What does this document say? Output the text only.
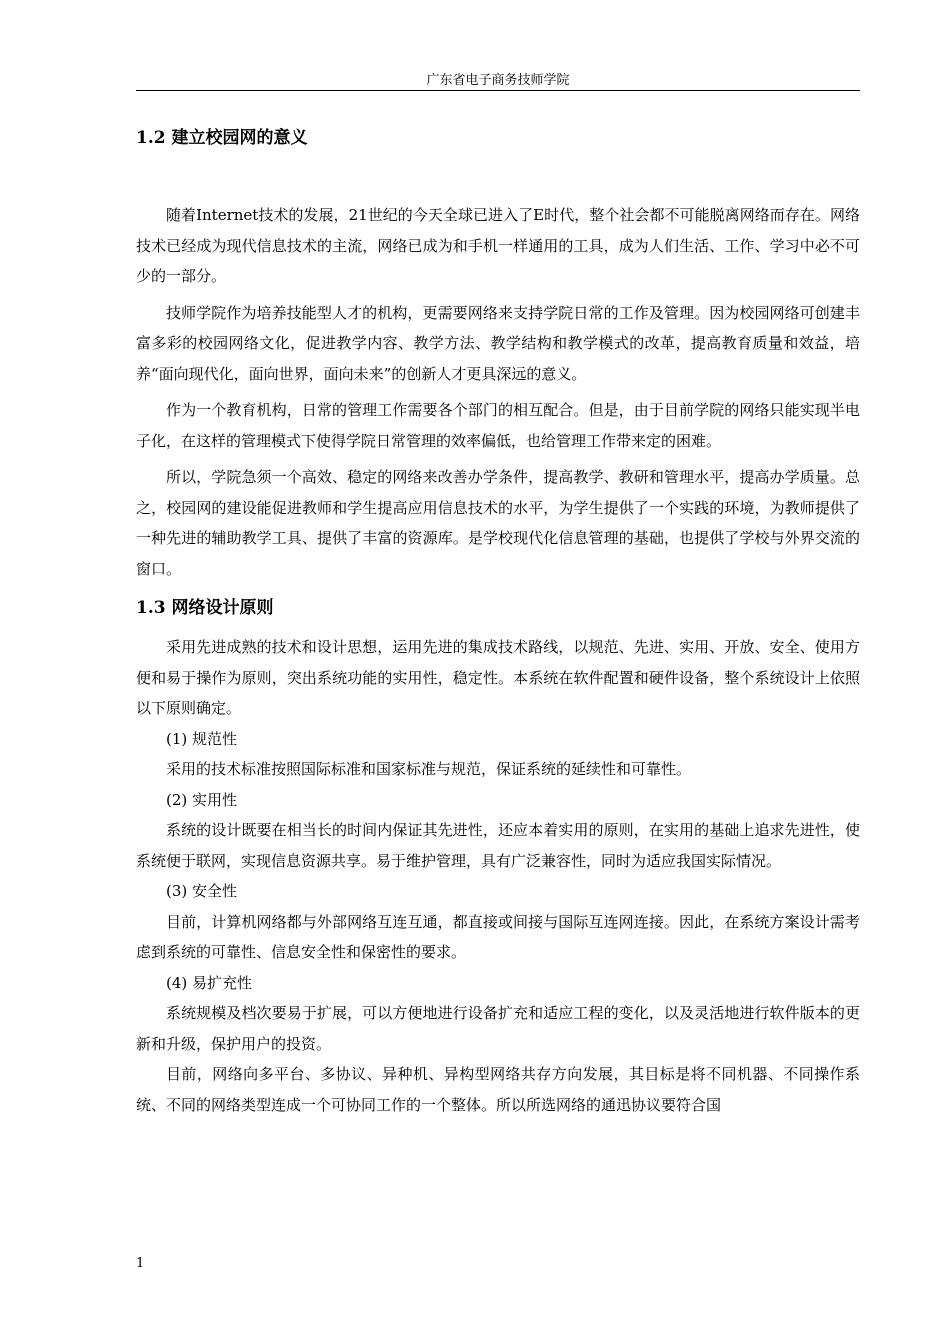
广东省电子商务技师学院
1.2 建立校园网的意义

随着Internet技术的发展，21世纪的今天全球已进入了E时代，整个社会都不可能脱离网络而存在。网络技术已经成为现代信息技术的主流，网络已成为和手机一样通用的工具，成为人们生活、工作、学习中必不可少的一部分。

技师学院作为培养技能型人才的机构，更需要网络来支持学院日常的工作及管理。因为校园网络可创建丰富多彩的校园网络文化，促进教学内容、教学方法、教学结构和教学模式的改革，提高教育质量和效益，培养“面向现代化，面向世界，面向未来”的创新人才更具深远的意义。

作为一个教育机构，日常的管理工作需要各个部门的相互配合。但是，由于目前学院的网络只能实现半电子化，在这样的管理模式下使得学院日常管理的效率偏低，也给管理工作带来定的困难。

所以，学院急须一个高效、稳定的网络来改善办学条件，提高教学、教研和管理水平，提高办学质量。总之，校园网的建设能促进教师和学生提高应用信息技术的水平，为学生提供了一个实践的环境，为教师提供了一种先进的辅助教学工具、提供了丰富的资源库。是学校现代化信息管理的基础，也提供了学校与外界交流的窗口。

1.3 网络设计原则

采用先进成熟的技术和设计思想，运用先进的集成技术路线，以规范、先进、实用、开放、安全、使用方便和易于操作为原则，突出系统功能的实用性，稳定性。本系统在软件配置和硬件设备，整个系统设计上依照以下原则确定。

(1) 规范性

采用的技术标准按照国际标准和国家标准与规范，保证系统的延续性和可靠性。

(2) 实用性

系统的设计既要在相当长的时间内保证其先进性，还应本着实用的原则，在实用的基础上追求先进性，使系统便于联网，实现信息资源共享。易于维护管理，具有广泛兼容性，同时为适应我国实际情况。

(3) 安全性

目前，计算机网络都与外部网络互连互通，都直接或间接与国际互连网连接。因此，在系统方案设计需考虑到系统的可靠性、信息安全性和保密性的要求。

(4) 易扩充性

系统规模及档次要易于扩展，可以方便地进行设备扩充和适应工程的变化，以及灵活地进行软件版本的更新和升级，保护用户的投资。

目前，网络向多平台、多协议、异种机、异构型网络共存方向发展，其目标是将不同机器、不同操作系统、不同的网络类型连成一个可协同工作的一个整体。所以所选网络的通迅协议要符合国

1
